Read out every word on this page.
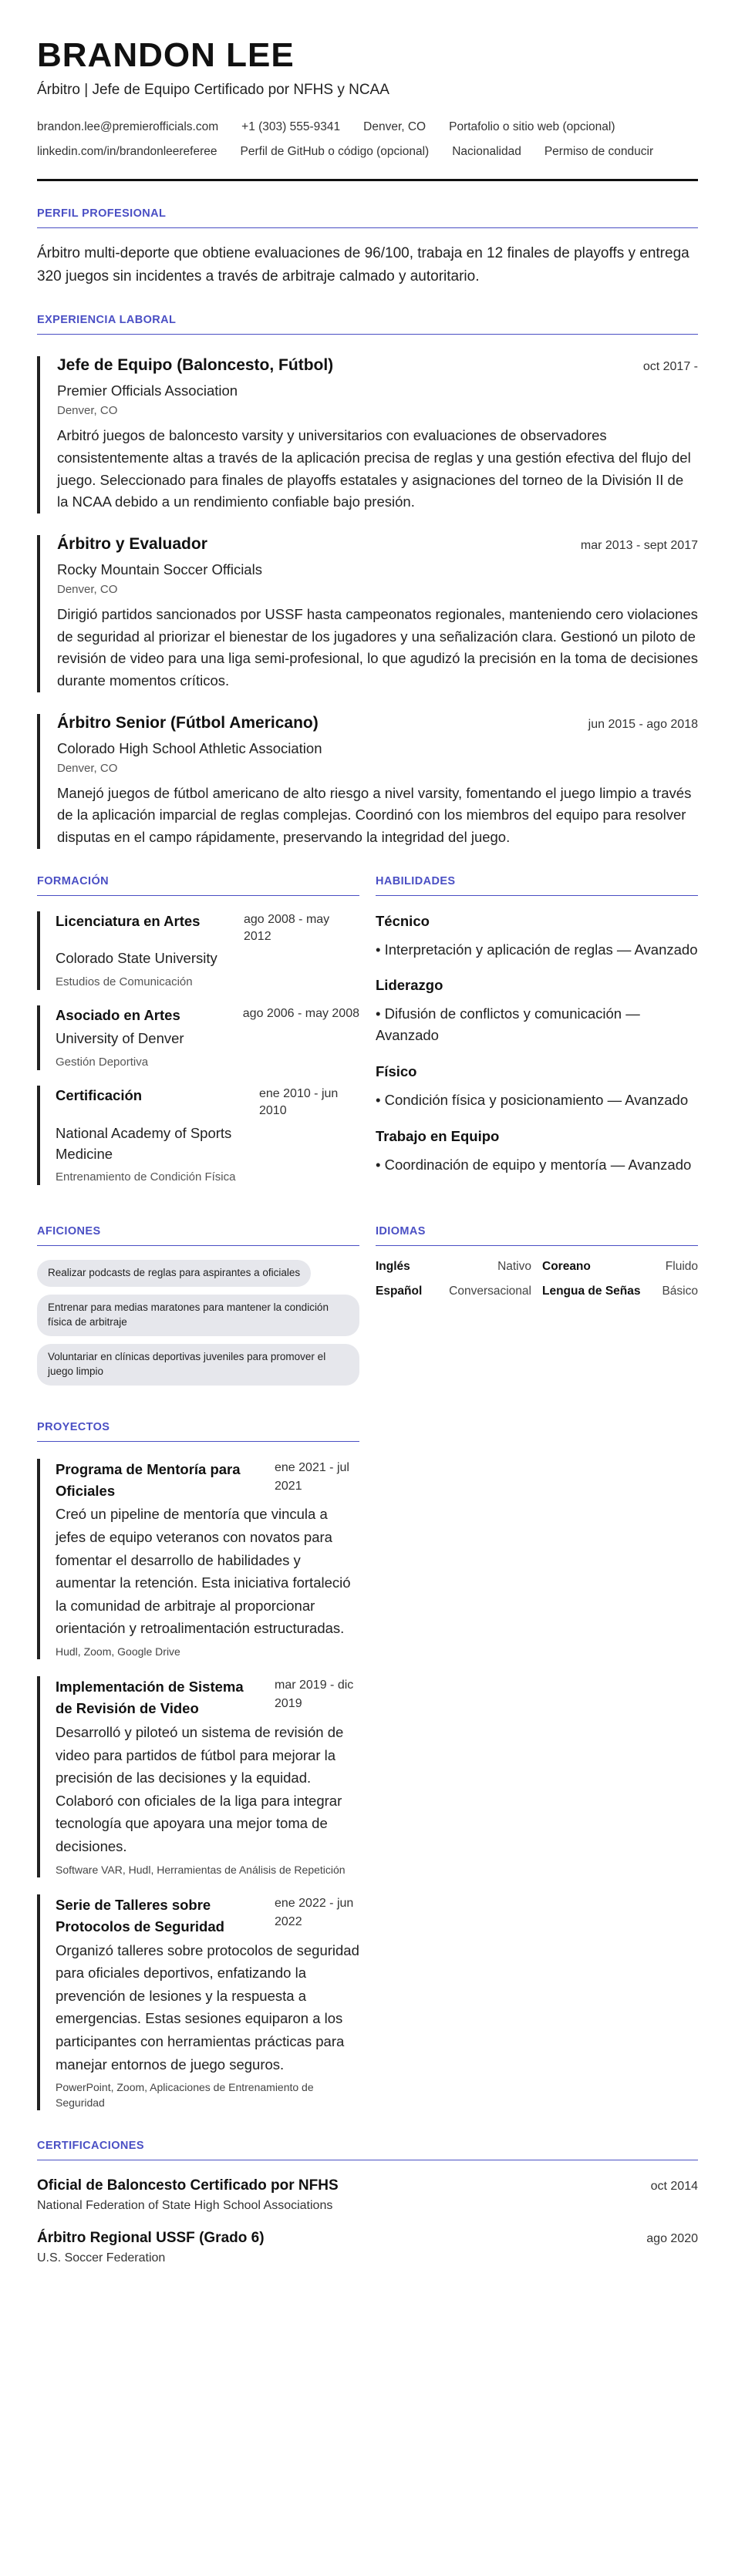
BRANDON LEE
Árbitro | Jefe de Equipo Certificado por NFHS y NCAA
brandon.lee@premierofficials.com +1 (303) 555-9341 Denver, CO Portafolio o sitio web (opcional)
linkedin.com/in/brandonleereferee Perfil de GitHub o código (opcional) Nacionalidad Permiso de conducir
PERFIL PROFESIONAL
Árbitro multi-deporte que obtiene evaluaciones de 96/100, trabaja en 12 finales de playoffs y entrega 320 juegos sin incidentes a través de arbitraje calmado y autoritario.
EXPERIENCIA LABORAL
Jefe de Equipo (Baloncesto, Fútbol)	oct 2017 -
Premier Officials Association
Denver, CO
Arbitró juegos de baloncesto varsity y universitarios con evaluaciones de observadores consistentemente altas a través de la aplicación precisa de reglas y una gestión efectiva del flujo del juego. Seleccionado para finales de playoffs estatales y asignaciones del torneo de la División II de la NCAA debido a un rendimiento confiable bajo presión.
Árbitro y Evaluador	mar 2013 - sept 2017
Rocky Mountain Soccer Officials
Denver, CO
Dirigió partidos sancionados por USSF hasta campeonatos regionales, manteniendo cero violaciones de seguridad al priorizar el bienestar de los jugadores y una señalización clara. Gestionó un piloto de revisión de video para una liga semi-profesional, lo que agudizó la precisión en la toma de decisiones durante momentos críticos.
Árbitro Senior (Fútbol Americano)	jun 2015 - ago 2018
Colorado High School Athletic Association
Denver, CO
Manejó juegos de fútbol americano de alto riesgo a nivel varsity, fomentando el juego limpio a través de la aplicación imparcial de reglas complejas. Coordinó con los miembros del equipo para resolver disputas en el campo rápidamente, preservando la integridad del juego.
FORMACIÓN
Licenciatura en Artes	ago 2008 - may 2012
Colorado State University
Estudios de Comunicación
Asociado en Artes	ago 2006 - may 2008
University of Denver
Gestión Deportiva
Certificación	ene 2010 - jun 2010
National Academy of Sports Medicine
Entrenamiento de Condición Física
HABILIDADES
Técnico
• Interpretación y aplicación de reglas — Avanzado
Liderazgo
• Difusión de conflictos y comunicación — Avanzado
Físico
• Condición física y posicionamiento — Avanzado
Trabajo en Equipo
• Coordinación de equipo y mentoría — Avanzado
AFICIONES
Realizar podcasts de reglas para aspirantes a oficiales
Entrenar para medias maratones para mantener la condición física de arbitraje
Voluntariar en clínicas deportivas juveniles para promover el juego limpio
IDIOMAS
Inglés	Nativo Coreano	Fluido
Español Conversacional Lengua de Señas Básico
PROYECTOS
Programa de Mentoría para Oficiales
ene 2021 - jul 2021
Creó un pipeline de mentoría que vincula a jefes de equipo veteranos con novatos para fomentar el desarrollo de habilidades y aumentar la retención. Esta iniciativa fortaleció la comunidad de arbitraje al proporcionar orientación y retroalimentación estructuradas.
Hudl, Zoom, Google Drive
Implementación de Sistema de Revisión de Video
mar 2019 - dic 2019
Desarrolló y piloteó un sistema de revisión de video para partidos de fútbol para mejorar la precisión de las decisiones y la equidad. Colaboró con oficiales de la liga para integrar tecnología que apoyara una mejor toma de decisiones.
Software VAR, Hudl, Herramientas de Análisis de Repetición
Serie de Talleres sobre Protocolos de Seguridad
ene 2022 - jun 2022
Organizó talleres sobre protocolos de seguridad para oficiales deportivos, enfatizando la prevención de lesiones y la respuesta a emergencias. Estas sesiones equiparon a los participantes con herramientas prácticas para manejar entornos de juego seguros.
PowerPoint, Zoom, Aplicaciones de Entrenamiento de Seguridad
CERTIFICACIONES
Oficial de Baloncesto Certificado por NFHS	oct 2014
National Federation of State High School Associations
Árbitro Regional USSF (Grado 6)	ago 2020
U.S. Soccer Federation
